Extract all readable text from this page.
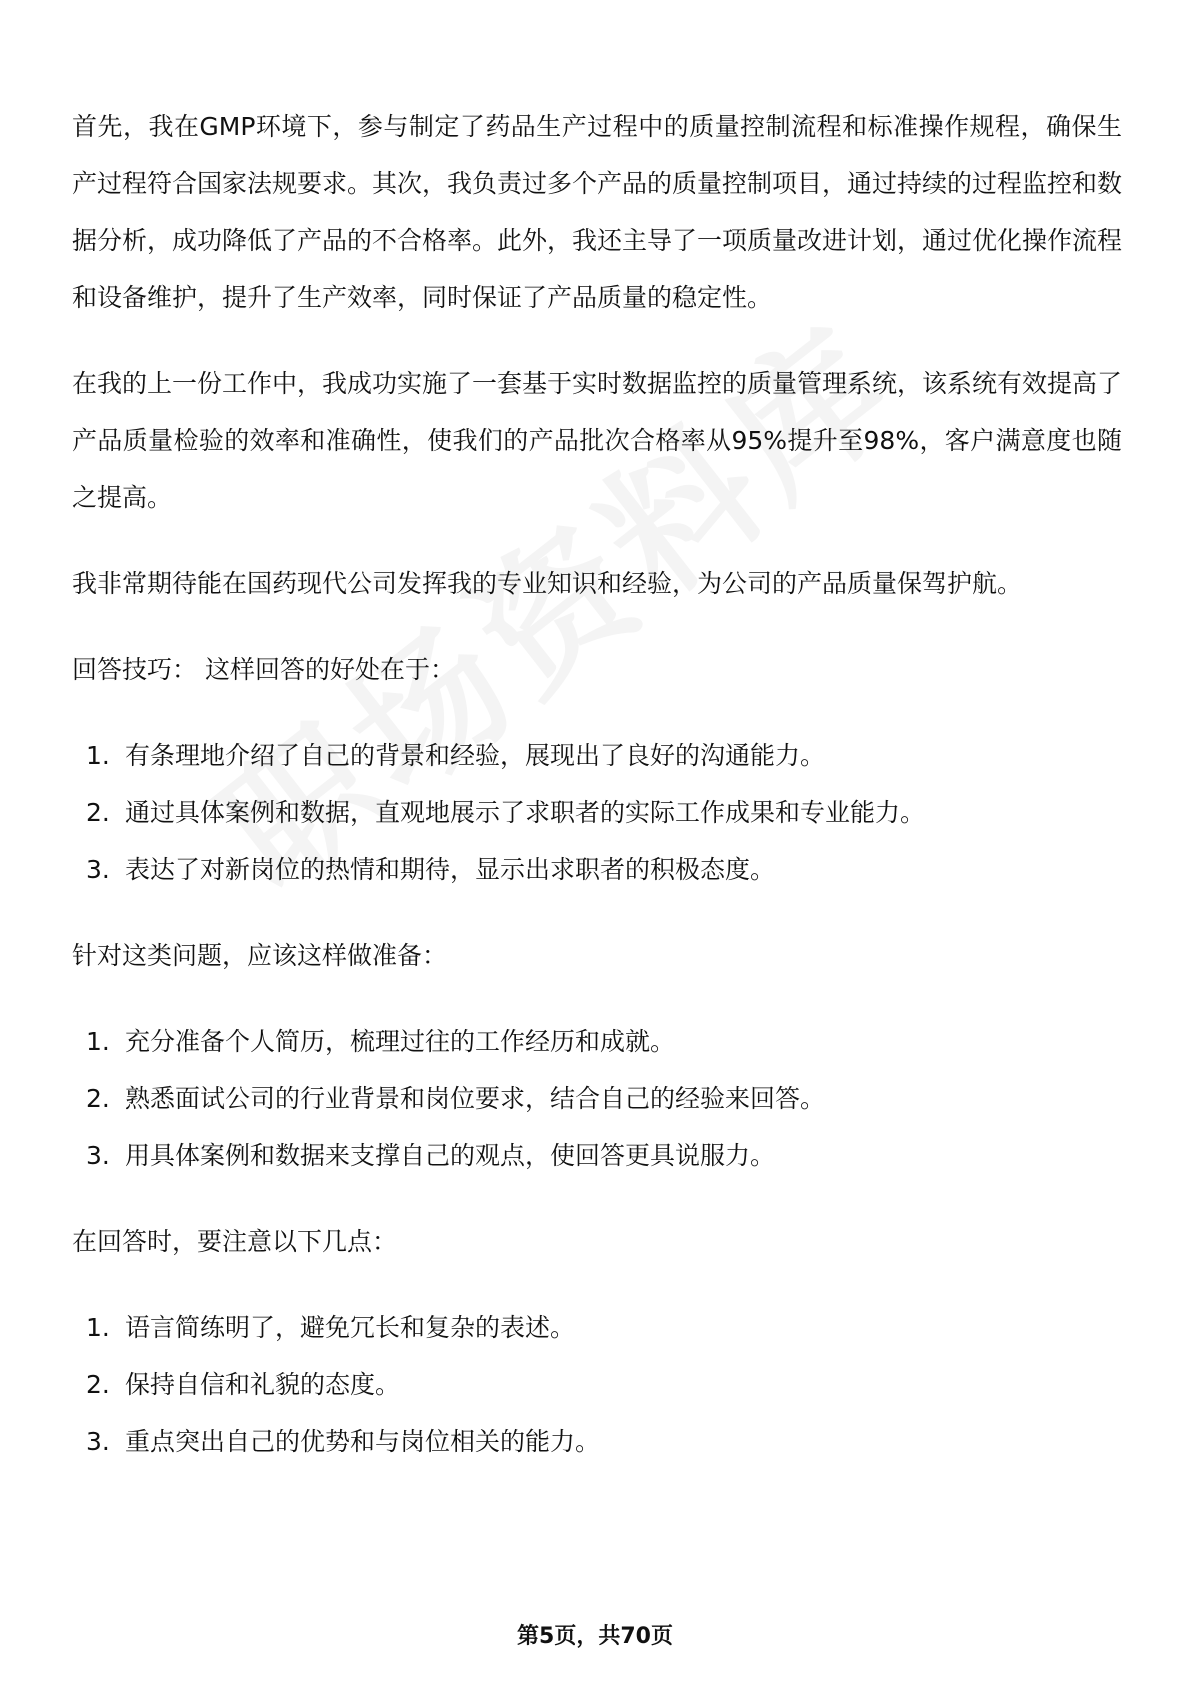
首先，我在GMP环境下，参与制定了药品生产过程中的质量控制流程和标准操作规程，确保生产过程符合国家法规要求。其次，我负责过多个产品的质量控制项目，通过持续的过程监控和数据分析，成功降低了产品的不合格率。此外，我还主导了一项质量改进计划，通过优化操作流程和设备维护，提升了生产效率，同时保证了产品质量的稳定性。

在我的上一份工作中，我成功实施了一套基于实时数据监控的质量管理系统，该系统有效提高了产品质量检验的效率和准确性，使我们的产品批次合格率从95%提升至98%，客户满意度也随之提高。

我非常期待能在国药现代公司发挥我的专业知识和经验，为公司的产品质量保驾护航。

回答技巧： 这样回答的好处在于：

1. 有条理地介绍了自己的背景和经验，展现出了良好的沟通能力。
2. 通过具体案例和数据，直观地展示了求职者的实际工作成果和专业能力。
3. 表达了对新岗位的热情和期待，显示出求职者的积极态度。

针对这类问题，应该这样做准备：

1. 充分准备个人简历，梳理过往的工作经历和成就。
2. 熟悉面试公司的行业背景和岗位要求，结合自己的经验来回答。
3. 用具体案例和数据来支撑自己的观点，使回答更具说服力。

在回答时，要注意以下几点：

1. 语言简练明了，避免冗长和复杂的表述。
2. 保持自信和礼貌的态度。
3. 重点突出自己的优势和与岗位相关的能力。
第5页，共70页
